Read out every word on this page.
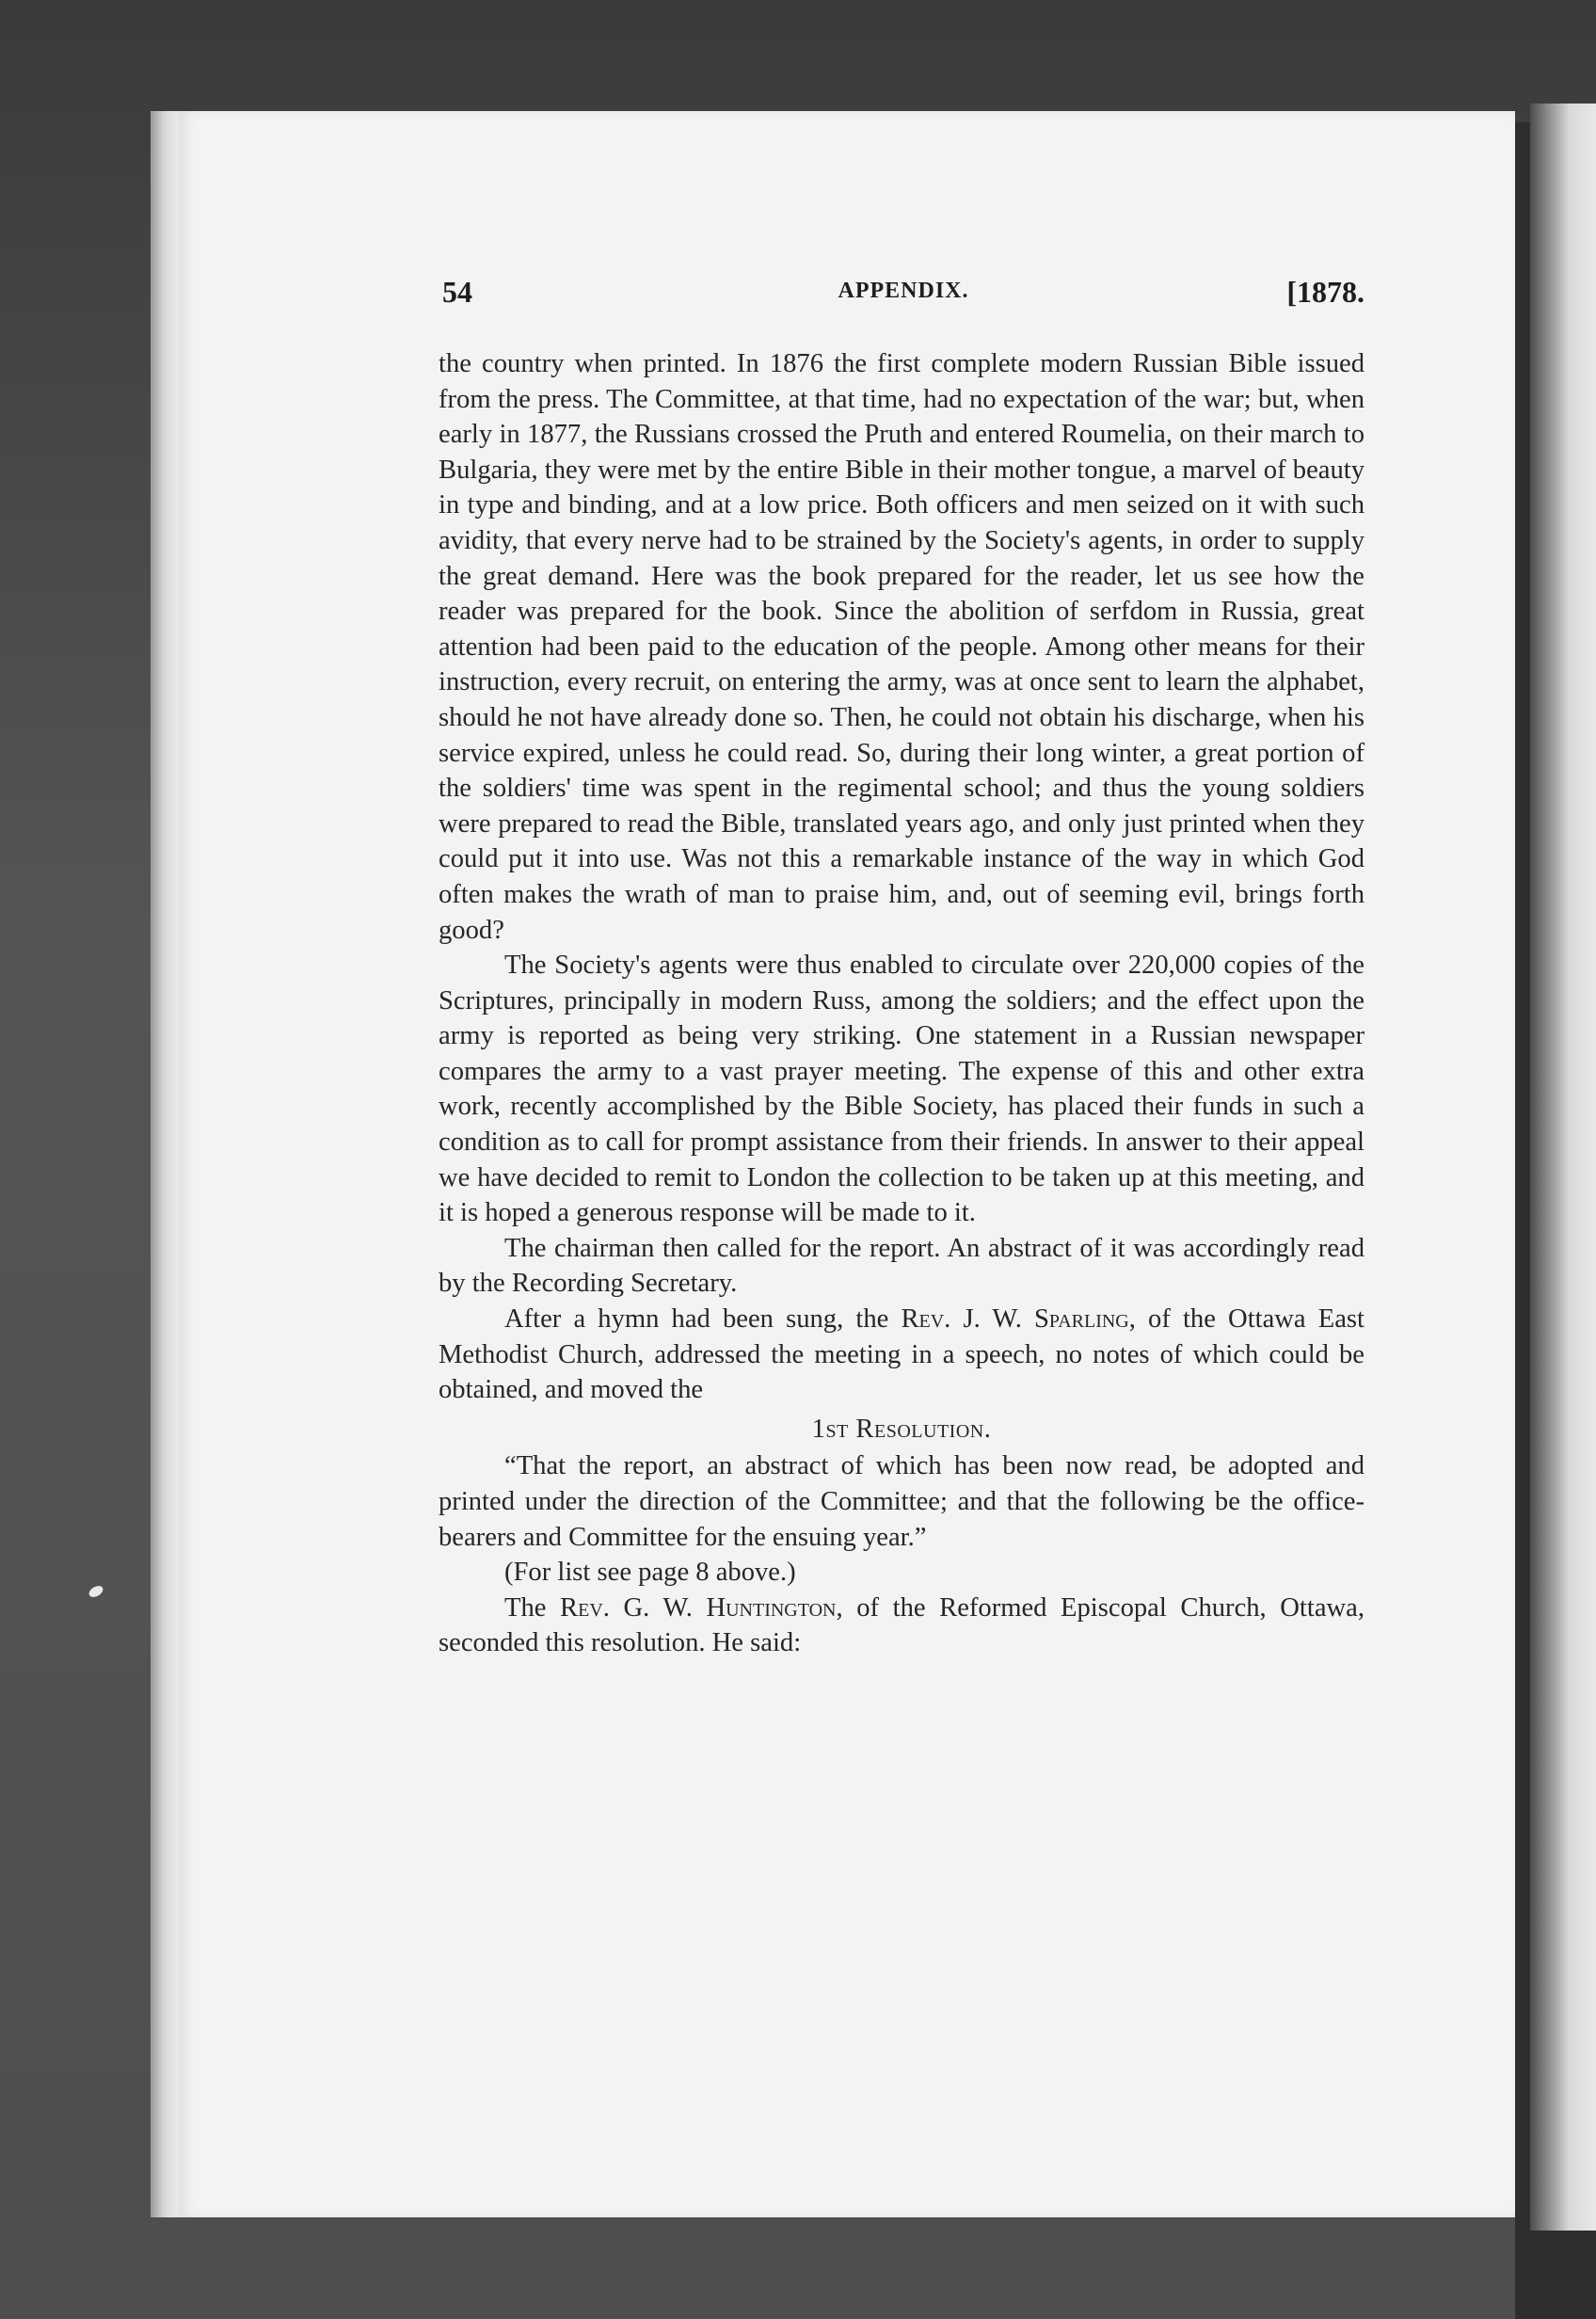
54	APPENDIX.	[1878.

the country when printed. In 1876 the first complete modern Russian Bible issued from the press. The Committee, at that time, had no expectation of the war; but, when early in 1877, the Russians crossed the Pruth and entered Roumelia, on their march to Bulgaria, they were met by the entire Bible in their mother tongue, a marvel of beauty in type and binding, and at a low price. Both officers and men seized on it with such avidity, that every nerve had to be strained by the Society's agents, in order to supply the great demand. Here was the book prepared for the reader, let us see how the reader was prepared for the book. Since the abolition of serfdom in Russia, great attention had been paid to the education of the people. Among other means for their instruction, every recruit, on entering the army, was at once sent to learn the alphabet, should he not have already done so. Then, he could not obtain his discharge, when his service expired, unless he could read. So, during their long winter, a great portion of the soldiers' time was spent in the regimental school; and thus the young soldiers were prepared to read the Bible, translated years ago, and only just printed when they could put it into use. Was not this a remarkable instance of the way in which God often makes the wrath of man to praise him, and, out of seeming evil, brings forth good?

The Society's agents were thus enabled to circulate over 220,000 copies of the Scriptures, principally in modern Russ, among the soldiers; and the effect upon the army is reported as being very striking. One statement in a Russian newspaper compares the army to a vast prayer meeting. The expense of this and other extra work, recently accomplished by the Bible Society, has placed their funds in such a condition as to call for prompt assistance from their friends. In answer to their appeal we have decided to remit to London the collection to be taken up at this meeting, and it is hoped a generous response will be made to it.

The chairman then called for the report. An abstract of it was accordingly read by the Recording Secretary.

After a hymn had been sung, the Rev. J. W. Sparling, of the Ottawa East Methodist Church, addressed the meeting in a speech, no notes of which could be obtained, and moved the

1st Resolution.

“That the report, an abstract of which has been now read, be adopted and printed under the direction of the Committee; and that the following be the office-bearers and Committee for the ensuing year.”

(For list see page 8 above.)

The Rev. G. W. Huntington, of the Reformed Episcopal Church, Ottawa, seconded this resolution. He said:
